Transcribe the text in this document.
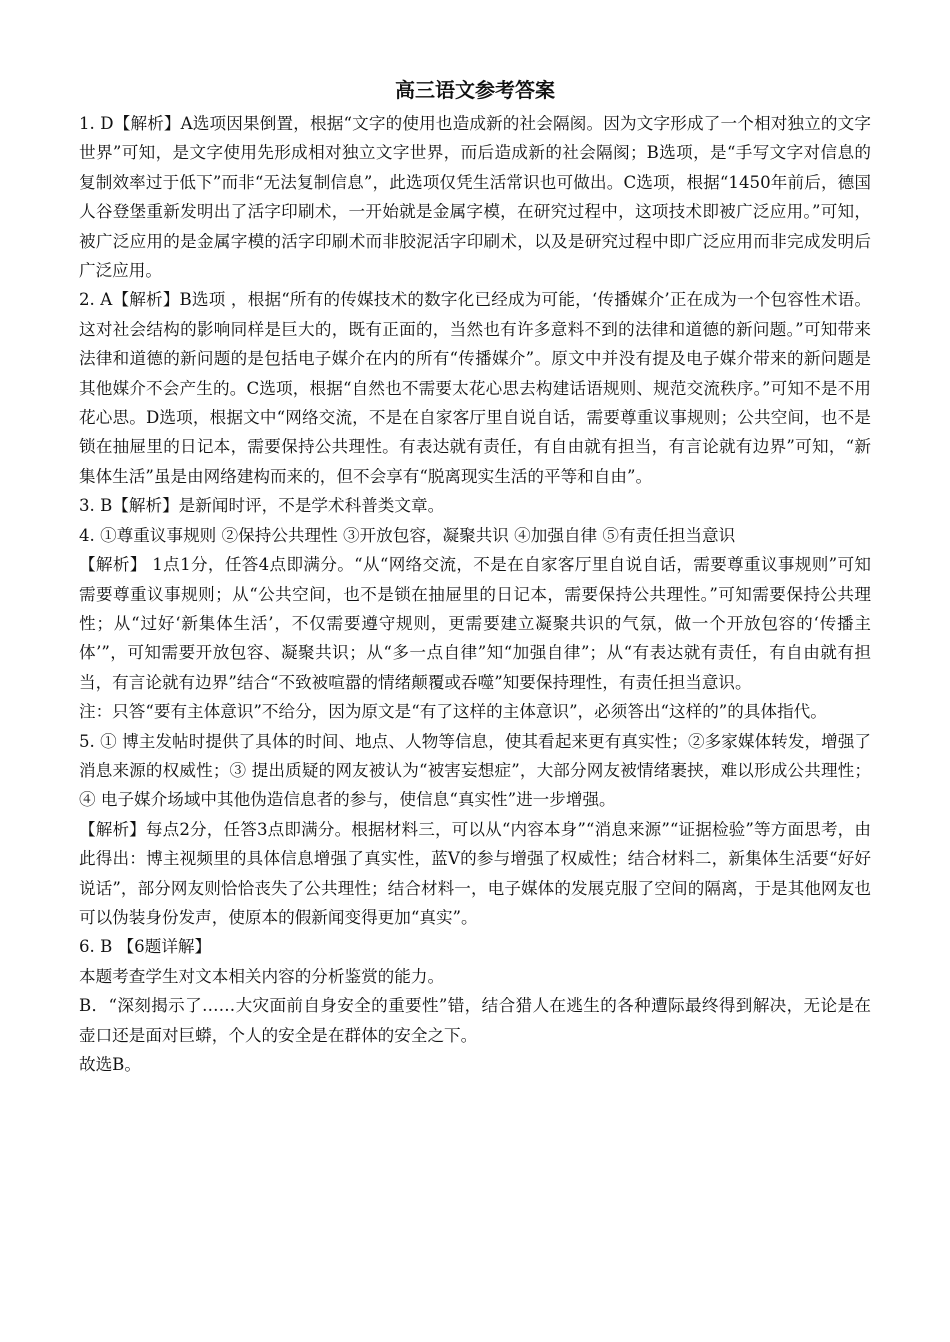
高三语文参考答案

1. D【解析】A选项因果倒置，根据“文字的使用也造成新的社会隔阂。因为文字形成了一个相对独立的文字世界”可知，是文字使用先形成相对独立文字世界，而后造成新的社会隔阂；B选项，是“手写文字对信息的复制效率过于低下”而非“无法复制信息”，此选项仅凭生活常识也可做出。C选项，根据“1450年前后，德国人谷登堡重新发明出了活字印刷术，一开始就是金属字模，在研究过程中，这项技术即被广泛应用。”可知，被广泛应用的是金属字模的活字印刷术而非胶泥活字印刷术，以及是研究过程中即广泛应用而非完成发明后广泛应用。

2. A【解析】B选项 ，根据“所有的传媒技术的数字化已经成为可能，‘传播媒介’正在成为一个包容性术语。这对社会结构的影响同样是巨大的，既有正面的，当然也有许多意料不到的法律和道德的新问题。”可知带来法律和道德的新问题的是包括电子媒介在内的所有“传播媒介”。原文中并没有提及电子媒介带来的新问题是其他媒介不会产生的。C选项，根据“自然也不需要太花心思去构建话语规则、规范交流秩序。”可知不是不用花心思。D选项，根据文中“网络交流，不是在自家客厅里自说自话，需要尊重议事规则；公共空间，也不是锁在抽屉里的日记本，需要保持公共理性。有表达就有责任，有自由就有担当，有言论就有边界”可知，“新集体生活”虽是由网络建构而来的，但不会享有“脱离现实生活的平等和自由”。

3. B【解析】是新闻时评，不是学术科普类文章。

4. ①尊重议事规则 ②保持公共理性 ③开放包容，凝聚共识 ④加强自律 ⑤有责任担当意识

【解析】 1点1分，任答4点即满分。“从“网络交流，不是在自家客厅里自说自话，需要尊重议事规则”可知需要尊重议事规则；从“公共空间，也不是锁在抽屉里的日记本，需要保持公共理性。”可知需要保持公共理性；从“过好‘新集体生活’，不仅需要遵守规则，更需要建立凝聚共识的气氛，做一个开放包容的‘传播主体’”，可知需要开放包容、凝聚共识；从“多一点自律”知“加强自律”；从“有表达就有责任，有自由就有担当，有言论就有边界”结合“不致被喧嚣的情绪颠覆或吞噬”知要保持理性，有责任担当意识。

注：只答“要有主体意识”不给分，因为原文是“有了这样的主体意识”，必须答出“这样的”的具体指代。

5. ① 博主发帖时提供了具体的时间、地点、人物等信息，使其看起来更有真实性；②多家媒体转发，增强了消息来源的权威性；③ 提出质疑的网友被认为“被害妄想症”，大部分网友被情绪裹挟，难以形成公共理性；④ 电子媒介场域中其他伪造信息者的参与，使信息“真实性”进一步增强。

【解析】每点2分，任答3点即满分。根据材料三，可以从“内容本身”“消息来源”“证据检验”等方面思考，由此得出：博主视频里的具体信息增强了真实性，蓝V的参与增强了权威性；结合材料二，新集体生活要“好好说话”，部分网友则恰恰丧失了公共理性；结合材料一，电子媒体的发展克服了空间的隔离，于是其他网友也可以伪装身份发声，使原本的假新闻变得更加“真实”。

6. B 【6题详解】

本题考查学生对文本相关内容的分析鉴赏的能力。

B．“深刻揭示了……大灾面前自身安全的重要性”错，结合猎人在逃生的各种遭际最终得到解决，无论是在壶口还是面对巨蟒，个人的安全是在群体的安全之下。

故选B。
